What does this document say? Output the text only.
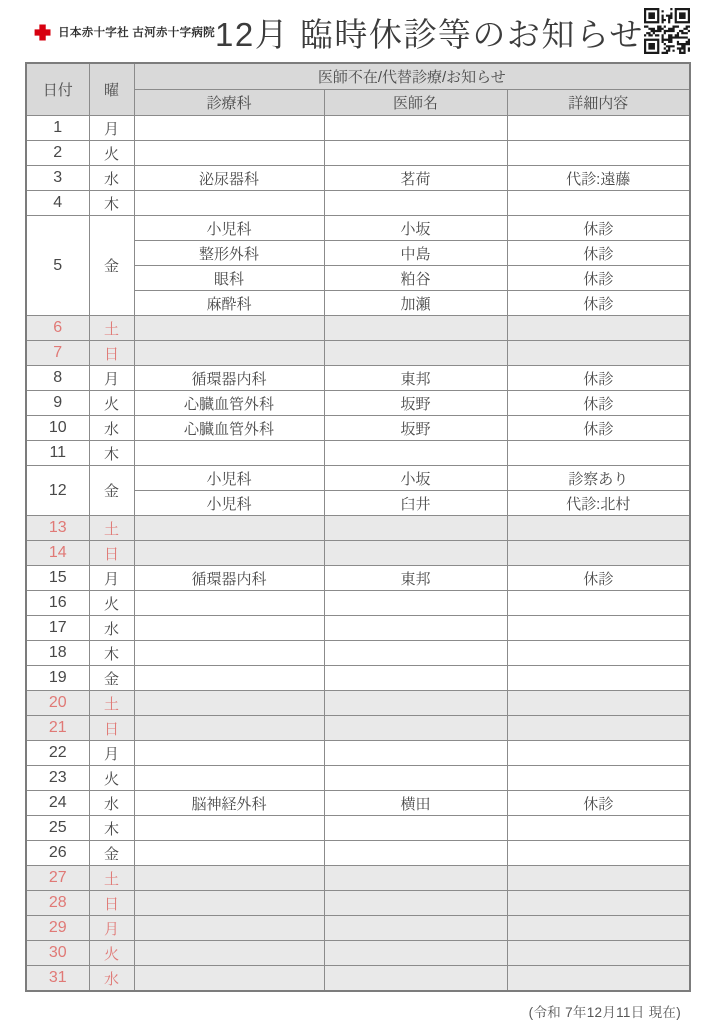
日本赤十字社 古河赤十字病院 12月 臨時休診等のお知らせ
日付	曜	医師不在/代替診療/お知らせ		
		診療科	医師名	詳細内容
1	月			
2	火			
3	水	泌尿器科	茗荷	代診:遠藤
4	木			
5	金	小児科	小坂	休診
		整形外科	中島	休診
		眼科	粕谷	休診
		麻酔科	加瀬	休診
6	土			
7	日			
8	月	循環器内科	東邦	休診
9	火	心臓血管外科	坂野	休診
10	水	心臓血管外科	坂野	休診
11	木			
12	金	小児科	小坂	診察あり
		小児科	臼井	代診:北村
13	土			
14	日			
15	月	循環器内科	東邦	休診
16	火			
17	水			
18	木			
19	金			
20	土			
21	日			
22	月			
23	火			
24	水	脳神経外科	横田	休診
25	木			
26	金			
27	土			
28	日			
29	月			
30	火			
31	水			
(令和 7年12月11日 現在)
